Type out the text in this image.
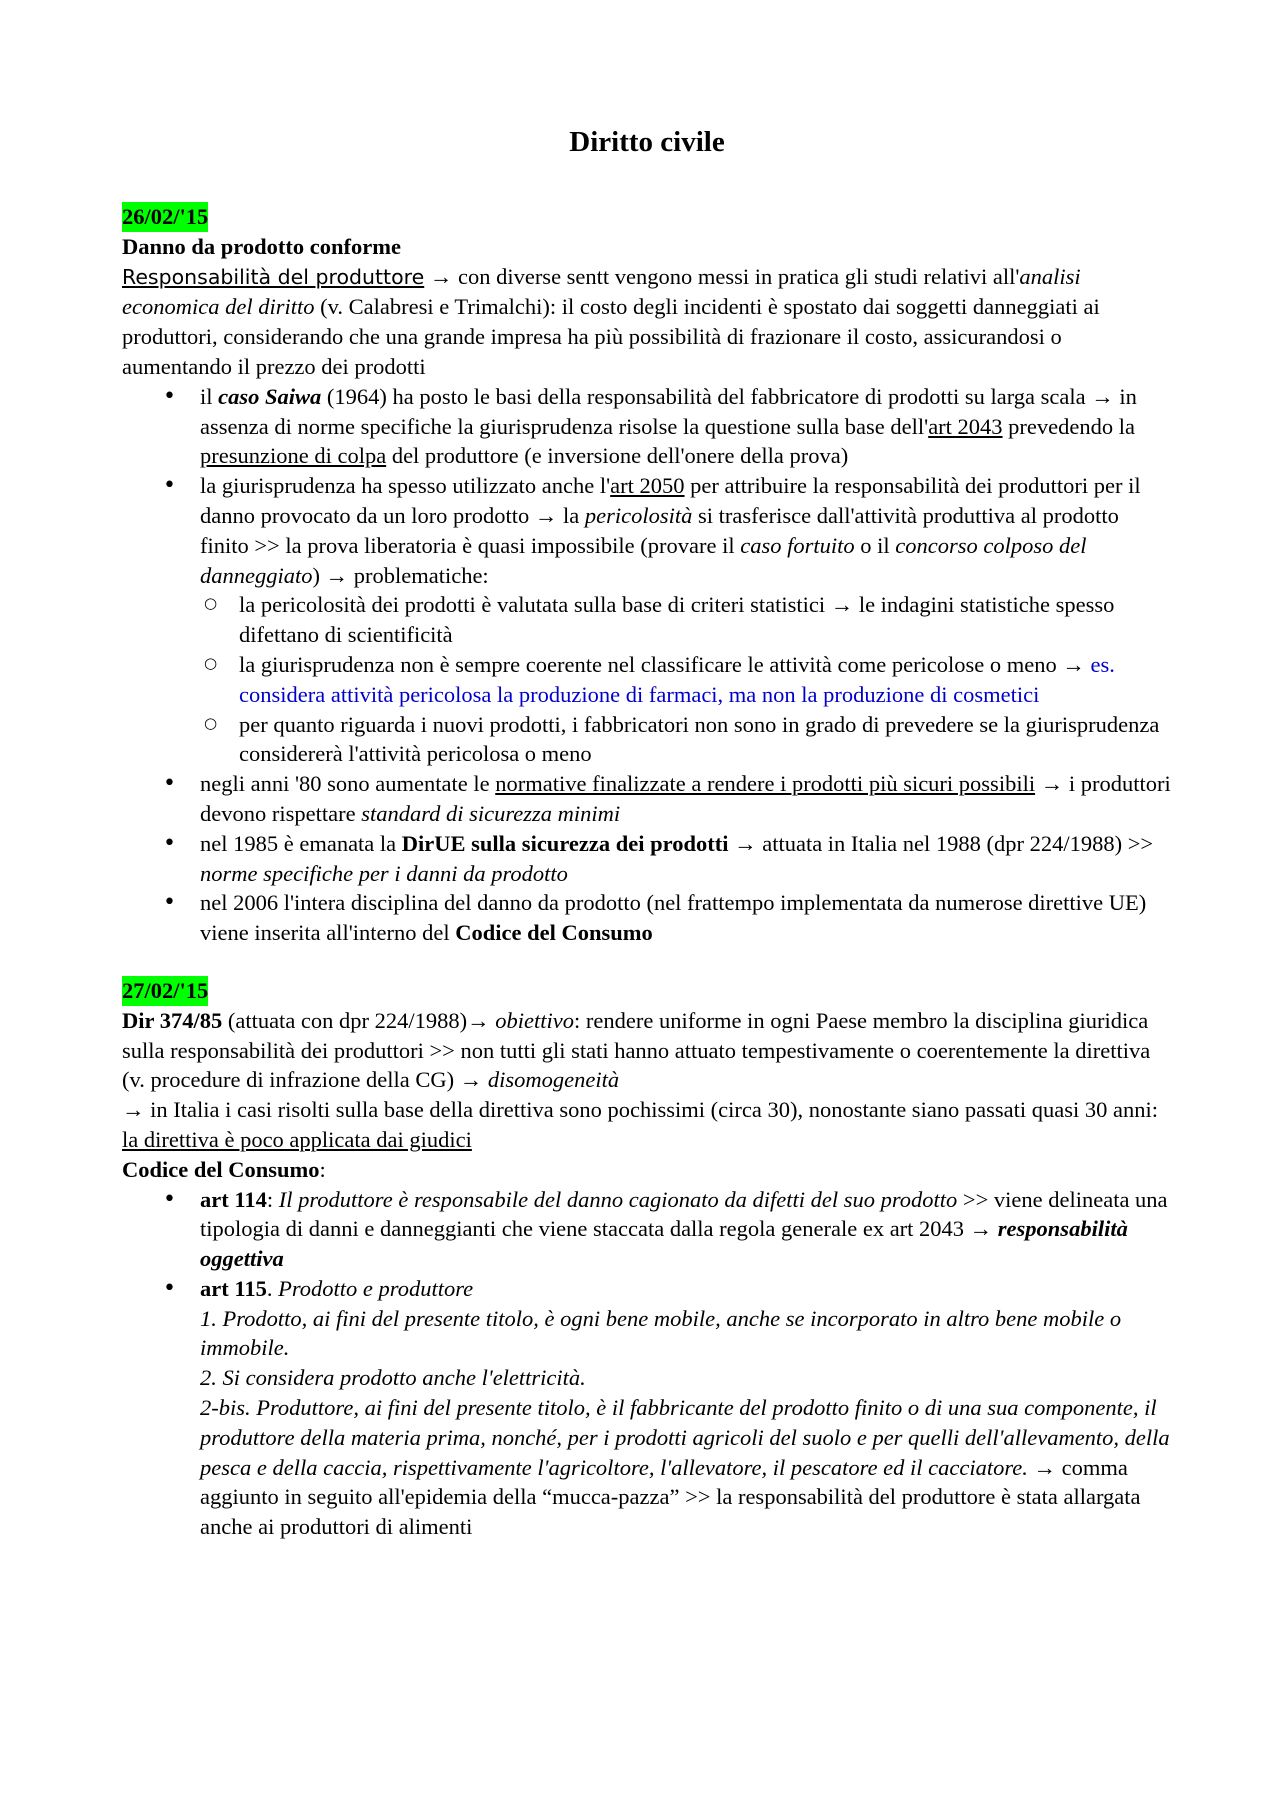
Diritto civile
26/02/'15
Danno da prodotto conforme
Responsabilità del produttore → con diverse sentt vengono messi in pratica gli studi relativi all'analisi economica del diritto (v. Calabresi e Trimalchi): il costo degli incidenti è spostato dai soggetti danneggiati ai produttori, considerando che una grande impresa ha più possibilità di frazionare il costo, assicurandosi o aumentando il prezzo dei prodotti
• il caso Saiwa (1964) ha posto le basi della responsabilità del fabbricatore di prodotti su larga scala → in assenza di norme specifiche la giurisprudenza risolse la questione sulla base dell'art 2043 prevedendo la presunzione di colpa del produttore (e inversione dell'onere della prova)
• la giurisprudenza ha spesso utilizzato anche l'art 2050 per attribuire la responsabilità dei produttori per il danno provocato da un loro prodotto → la pericolosità si trasferisce dall'attività produttiva al prodotto finito >> la prova liberatoria è quasi impossibile (provare il caso fortuito o il concorso colposo del danneggiato) → problematiche:
○ la pericolosità dei prodotti è valutata sulla base di criteri statistici → le indagini statistiche spesso difettano di scientificità
○ la giurisprudenza non è sempre coerente nel classificare le attività come pericolose o meno → es. considera attività pericolosa la produzione di farmaci, ma non la produzione di cosmetici
○ per quanto riguarda i nuovi prodotti, i fabbricatori non sono in grado di prevedere se la giurisprudenza considererà l'attività pericolosa o meno
• negli anni '80 sono aumentate le normative finalizzate a rendere i prodotti più sicuri possibili → i produttori devono rispettare standard di sicurezza minimi
• nel 1985 è emanata la DirUE sulla sicurezza dei prodotti → attuata in Italia nel 1988 (dpr 224/1988) >> norme specifiche per i danni da prodotto
• nel 2006 l'intera disciplina del danno da prodotto (nel frattempo implementata da numerose direttive UE) viene inserita all'interno del Codice del Consumo
27/02/'15
Dir 374/85 (attuata con dpr 224/1988)→ obiettivo: rendere uniforme in ogni Paese membro la disciplina giuridica sulla responsabilità dei produttori >> non tutti gli stati hanno attuato tempestivamente o coerentemente la direttiva (v. procedure di infrazione della CG) → disomogeneità
→ in Italia i casi risolti sulla base della direttiva sono pochissimi (circa 30), nonostante siano passati quasi 30 anni: la direttiva è poco applicata dai giudici
Codice del Consumo:
• art 114: Il produttore è responsabile del danno cagionato da difetti del suo prodotto >> viene delineata una tipologia di danni e danneggianti che viene staccata dalla regola generale ex art 2043 → responsabilità oggettiva
• art 115. Prodotto e produttore
1. Prodotto, ai fini del presente titolo, è ogni bene mobile, anche se incorporato in altro bene mobile o immobile.
2. Si considera prodotto anche l'elettricità.
2-bis. Produttore, ai fini del presente titolo, è il fabbricante del prodotto finito o di una sua componente, il produttore della materia prima, nonché, per i prodotti agricoli del suolo e per quelli dell'allevamento, della pesca e della caccia, rispettivamente l'agricoltore, l'allevatore, il pescatore ed il cacciatore. → comma aggiunto in seguito all'epidemia della “mucca-pazza” >> la responsabilità del produttore è stata allargata anche ai produttori di alimenti
